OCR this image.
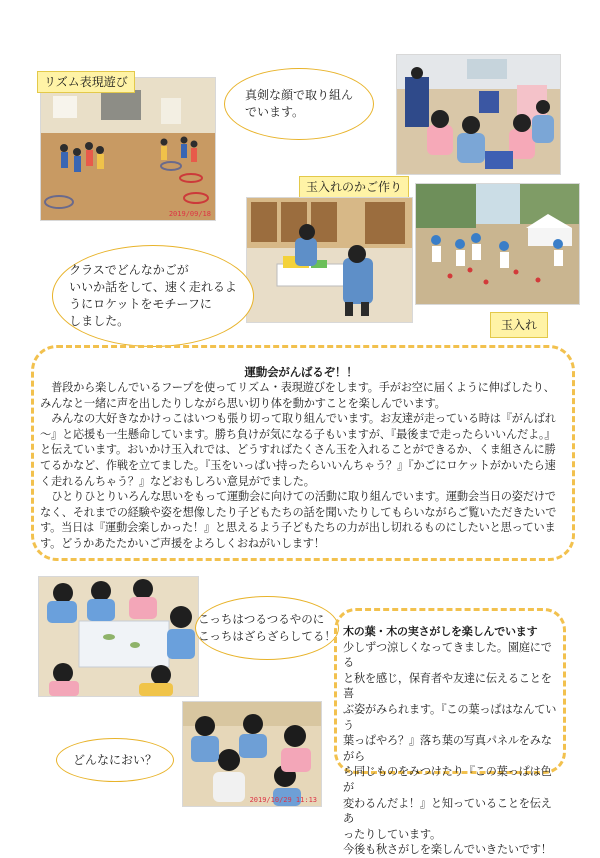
2019/09/18
リズム表現遊び
真剣な顔で取り組ん
でいます。
玉入れのかご作り
クラスでどんなかごが
いいか話をして、速く走れるよ
うにロケットをモチーフに
しました。	玉入れ
運動会がんばるぞ！！

普段から楽しんでいるフープを使ってリズム・表現遊びをします。手がお空に届くように伸ばしたり、みんなと一緒に声を出したりしながら思い切り体を動かすことを楽しんでいます。

みんなの大好きなかけっこはいつも張り切って取り組んでいます。お友達が走っている時は『がんばれ～』と応援も一生懸命しています。勝ち負けが気になる子もいますが、『最後まで走ったらいいんだよ。』と伝えています。おいかけ玉入れでは、どうすればたくさん玉を入れることができるか、くま組さんに勝てるかなど、作戦を立てました。『玉をいっぱい持ったらいいんちゃう？』『かごにロケットがかいたら速く走れるんちゃう？』などおもしろい意見がでました。

ひとりひとりいろんな思いをもって運動会に向けての活動に取り組んでいます。運動会当日の姿だけでなく、それまでの経験や姿を想像したり子どもたちの話を聞いたりしてもらいながらご覧いただきたいです。当日は『運動会楽しかった！』と思えるよう子どもたちの力が出し切れるものにしたいと思っています。どうかあたたかいご声援をよろしくおねがいします！

こっちはつるつるやのに
こっちはざらざらしてる！ 木の葉・木の実さがしを楽しんでいます
少しずつ涼しくなってきました。園庭にでる
と秋を感じ，保育者や友達に伝えることを喜
ぶ姿がみられます。『この葉っぱはなんていう
葉っぱやろ？』落ち葉の写真パネルをみながら
ら同じものをみつけたり『この葉っぱは色が
変わるんだよ！』と知っていることを伝えあ
ったりしています。
今後も秋さがしを楽しんでいきたいです！
2019/10/29 11:13
どんなにおい？
